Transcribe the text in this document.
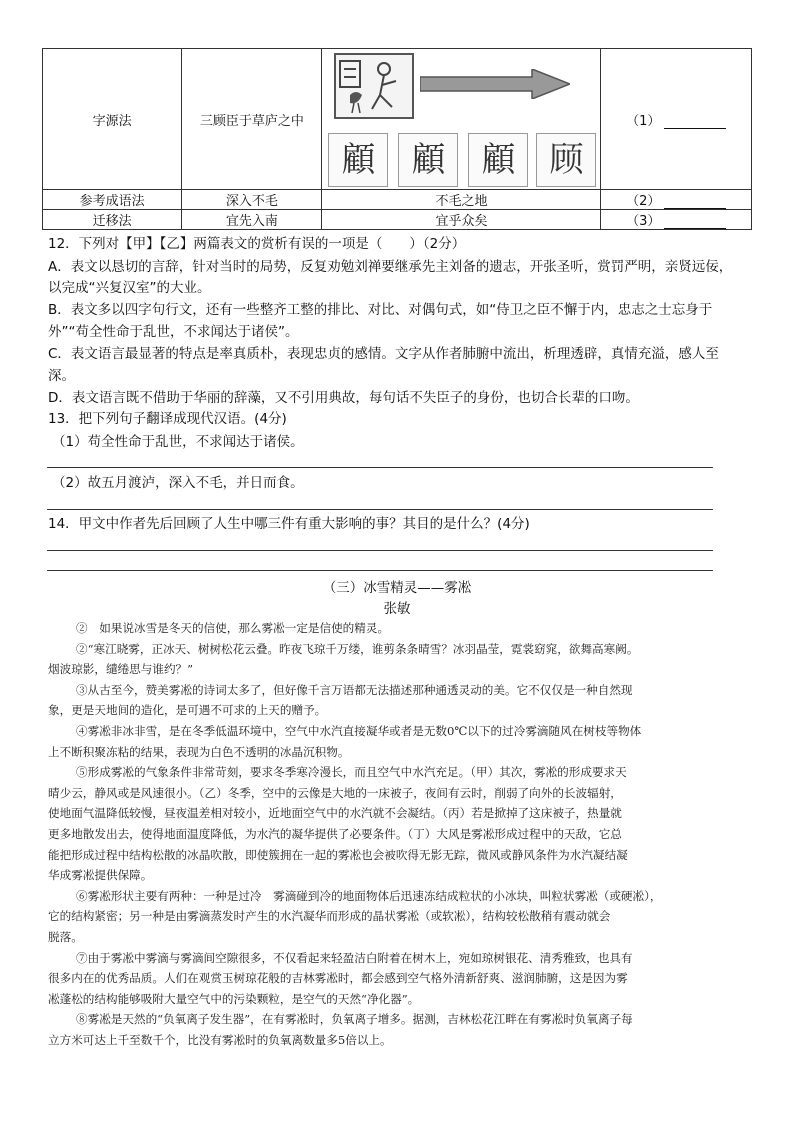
字源法	三顾臣于草庐之中	顧 顧 顧 顾	（1）
参考成语法	深入不毛	不毛之地	（2）
迁移法	宜先入南	宜乎众矣	（3）
12．下列对【甲】【乙】两篇表文的赏析有误的一项是（　　）（2分）
A．表文以恳切的言辞，针对当时的局势，反复劝勉刘禅要继承先主刘备的遗志，开张圣听，赏罚严明，亲贤远佞，
以完成“兴复汉室”的大业。
B．表文多以四字句行文，还有一些整齐工整的排比、对比、对偶句式，如“侍卫之臣不懈于内，忠志之士忘身于
外”“苟全性命于乱世，不求闻达于诸侯”。
C．表文语言最显著的特点是率真质朴，表现忠贞的感情。文字从作者肺腑中流出，析理透辟，真情充溢，感人至
深。
D．表文语言既不借助于华丽的辞藻，又不引用典故，每句话不失臣子的身份，也切合长辈的口吻。
13．把下列句子翻译成现代汉语。(4分)
（1）苟全性命于乱世，不求闻达于诸侯。
（2）故五月渡泸，深入不毛，并日而食。
14．甲文中作者先后回顾了人生中哪三件有重大影响的事？其目的是什么？(4分)
（三）冰雪精灵——雾凇
张敏
②　如果说冰雪是冬天的信使，那么雾凇一定是信使的精灵。
②“寒江晓雾，正冰天、树树松花云叠。昨夜飞琼千万缕，谁剪条条晴雪？冰羽晶莹，霓裳窈窕，欲舞高寒阙。
烟波琼影，缱绻思与谁约？”
③从古至今，赞美雾凇的诗词太多了，但好像千言万语都无法描述那种通透灵动的美。它不仅仅是一种自然现
象，更是天地间的造化，是可遇不可求的上天的赠予。
④雾凇非冰非雪，是在冬季低温环境中，空气中水汽直接凝华或者是无数0℃以下的过冷雾滴随风在树枝等物体
上不断积聚冻粘的结果，表现为白色不透明的冰晶沉积物。
⑤形成雾凇的气象条件非常苛刻，要求冬季寒冷漫长，而且空气中水汽充足。（甲）其次，雾凇的形成要求天
晴少云，静风或是风速很小。（乙）冬季，空中的云像是大地的一床被子，夜间有云时，削弱了向外的长波辐射，
使地面气温降低较慢，昼夜温差相对较小，近地面空气中的水汽就不会凝结。（丙）若是掀掉了这床被子，热量就
更多地散发出去，使得地面温度降低，为水汽的凝华提供了必要条件。（丁）大风是雾凇形成过程中的天敌，它总
能把形成过程中结构松散的冰晶吹散，即使簇拥在一起的雾凇也会被吹得无影无踪，微风或静风条件为水汽凝结凝
华成雾凇提供保障。
⑥雾凇形状主要有两种：一种是过冷　雾滴碰到冷的地面物体后迅速冻结成粒状的小冰块，叫粒状雾凇（或硬凇），
它的结构紧密；另一种是由雾滴蒸发时产生的水汽凝华而形成的晶状雾凇（或软凇），结构较松散稍有震动就会
脱落。
⑦由于雾凇中雾滴与雾滴间空隙很多，不仅看起来轻盈洁白附着在树木上，宛如琼树银花、清秀雅致，也具有
很多内在的优秀品质。人们在观赏玉树琼花般的吉林雾凇时，都会感到空气格外清新舒爽、滋润肺腑，这是因为雾
凇蓬松的结构能够吸附大量空气中的污染颗粒，是空气的天然“净化器”。
⑧雾凇是天然的“负氧离子发生器”，在有雾凇时，负氧离子增多。据测，吉林松花江畔在有雾凇时负氧离子每
立方米可达上千至数千个，比没有雾凇时的负氧离数量多5倍以上。
